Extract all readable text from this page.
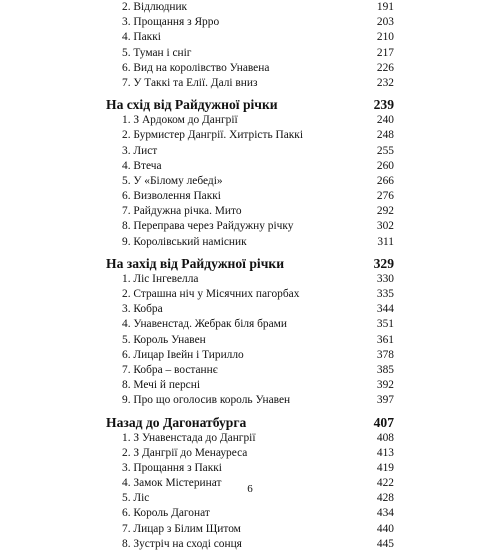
2. Відлюдник	191
3. Прощання з Ярро	203
4. Паккі	210
5. Туман і сніг	217
6. Вид на королівство Унавена	226
7. У Таккі та Елії. Далі вниз	232
На схід від Райдужної річки	239
1. З Ардоком до Дангрії	240
2. Бурмистер Дангрії. Хитрість Паккі	248
3. Лист	255
4. Втеча	260
5. У «Білому лебеді»	266
6. Визволення Паккі	276
7. Райдужна річка. Мито	292
8. Переправа через Райдужну річку	302
9. Королівський намісник	311
На захід від Райдужної річки	329
1. Ліс Інгевелла	330
2. Страшна ніч у Місячних пагорбах	335
3. Кобра	344
4. Унавенстад. Жебрак біля брами	351
5. Король Унавен	361
6. Лицар Івейн і Тирилло	378
7. Кобра – востаннє	385
8. Мечі й персні	392
9. Про що оголосив король Унавен	397
Назад до Дагонатбурга	407
1. З Унавенстада до Дангрії	408
2. З Дангрії до Менауреса	413
3. Прощання з Паккі	419
4. Замок Містеринат	422
5. Ліс	428
6. Король Дагонат	434
7. Лицар з Білим Щитом	440
8. Зустріч на сході сонця	445
6
